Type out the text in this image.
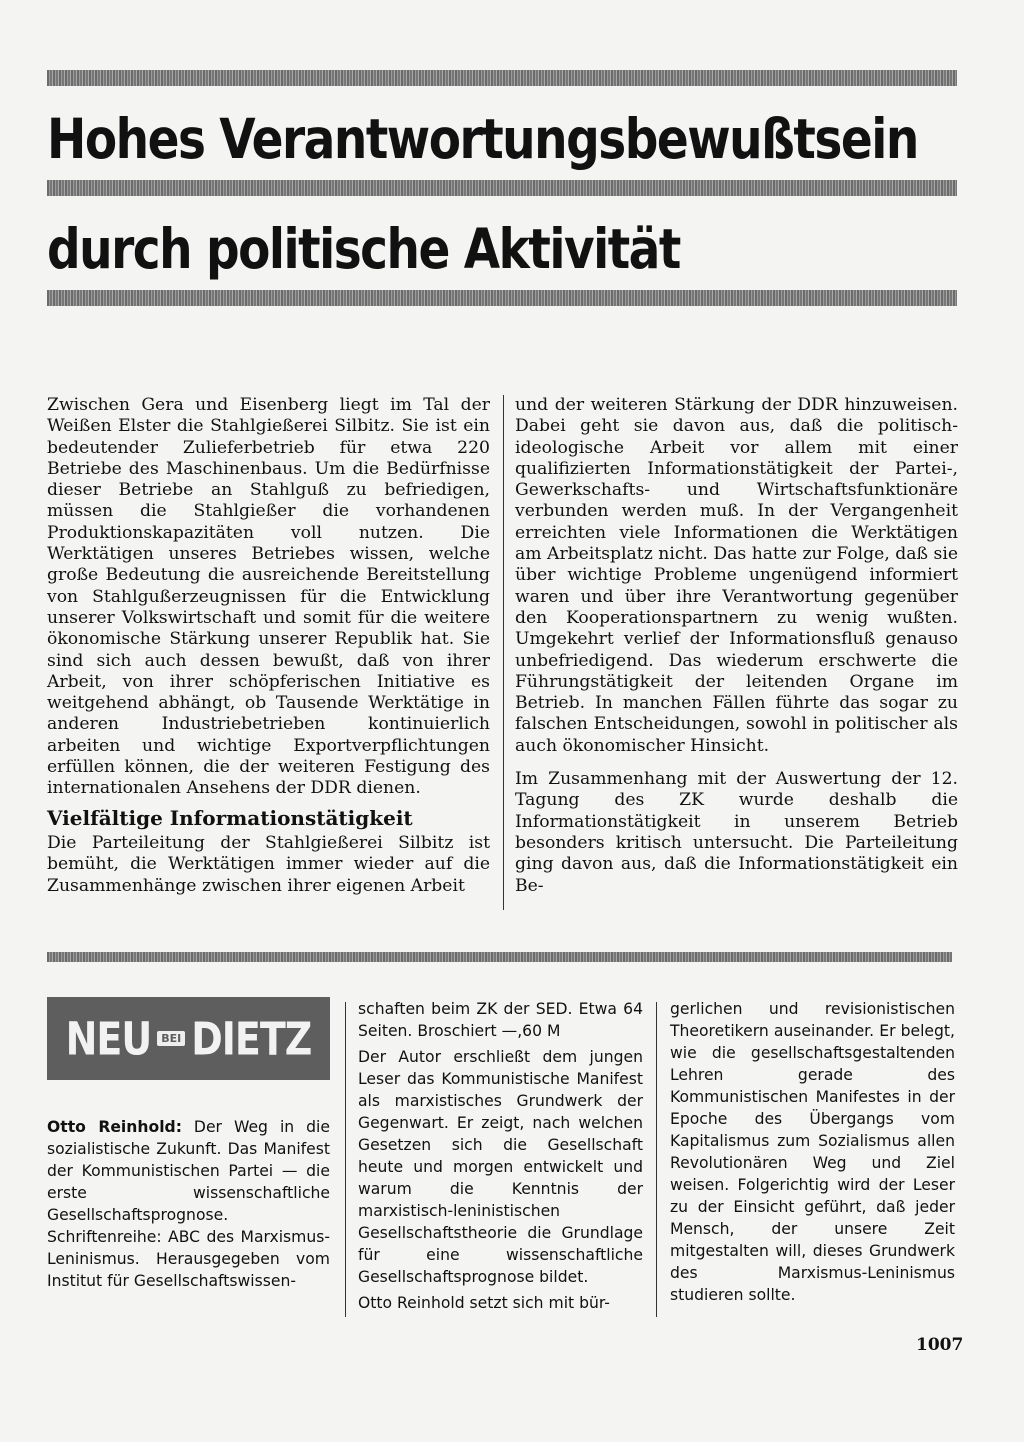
Hohes Verantwortungsbewußtsein
durch politische Aktivität

Zwischen Gera und Eisenberg liegt im Tal der Weißen Elster die Stahlgießerei Silbitz. Sie ist ein bedeutender Zulieferbetrieb für etwa 220 Betriebe des Maschinenbaus. Um die Bedürfnisse dieser Betriebe an Stahlguß zu befriedigen, müssen die Stahlgießer die vorhandenen Produktionskapazitäten voll nutzen. Die Werktätigen unseres Betriebes wissen, welche große Bedeutung die ausreichende Bereitstellung von Stahlgußerzeugnissen für die Entwicklung unserer Volkswirtschaft und somit für die weitere ökonomische Stärkung unserer Republik hat. Sie sind sich auch dessen bewußt, daß von ihrer Arbeit, von ihrer schöpferischen Initiative es weitgehend abhängt, ob Tausende Werktätige in anderen Industriebetrieben kontinuierlich arbeiten und wichtige Exportverpflichtungen erfüllen können, die der weiteren Festigung des internationalen Ansehens der DDR dienen.

Vielfältige Informationstätigkeit

Die Parteileitung der Stahlgießerei Silbitz ist bemüht, die Werktätigen immer wieder auf die Zusammenhänge zwischen ihrer eigenen Arbeit

und der weiteren Stärkung der DDR hinzuweisen. Dabei geht sie davon aus, daß die politisch-ideologische Arbeit vor allem mit einer qualifizierten Informationstätigkeit der Partei-, Gewerkschafts- und Wirtschaftsfunktionäre verbunden werden muß. In der Vergangenheit erreichten viele Informationen die Werktätigen am Arbeitsplatz nicht. Das hatte zur Folge, daß sie über wichtige Probleme ungenügend informiert waren und über ihre Verantwortung gegenüber den Kooperationspartnern zu wenig wußten. Umgekehrt verlief der Informationsfluß genauso unbefriedigend. Das wiederum erschwerte die Führungstätigkeit der leitenden Organe im Betrieb. In manchen Fällen führte das sogar zu falschen Entscheidungen, sowohl in politischer als auch ökonomischer Hinsicht.

Im Zusammenhang mit der Auswertung der 12. Tagung des ZK wurde deshalb die Informationstätigkeit in unserem Betrieb besonders kritisch untersucht. Die Parteileitung ging davon aus, daß die Informationstätigkeit ein Be-

NEU BEI DIETZ

Otto Reinhold: Der Weg in die sozialistische Zukunft. Das Manifest der Kommunistischen Partei — die erste wissenschaftliche Gesellschaftsprognose. Schriftenreihe: ABC des Marxismus-Leninismus. Herausgegeben vom Institut für Gesellschaftswissen-

schaften beim ZK der SED. Etwa 64 Seiten. Broschiert —,60 M

Der Autor erschließt dem jungen Leser das Kommunistische Manifest als marxistisches Grundwerk der Gegenwart. Er zeigt, nach welchen Gesetzen sich die Gesellschaft heute und morgen entwickelt und warum die Kenntnis der marxistisch-leninistischen Gesellschaftstheorie die Grundlage für eine wissenschaftliche Gesellschaftsprognose bildet.

Otto Reinhold setzt sich mit bür-

gerlichen und revisionistischen Theoretikern auseinander. Er belegt, wie die gesellschaftsgestaltenden Lehren gerade des Kommunistischen Manifestes in der Epoche des Übergangs vom Kapitalismus zum Sozialismus allen Revolutionären Weg und Ziel weisen. Folgerichtig wird der Leser zu der Einsicht geführt, daß jeder Mensch, der unsere Zeit mitgestalten will, dieses Grundwerk des Marxismus-Leninismus studieren sollte.

1007
